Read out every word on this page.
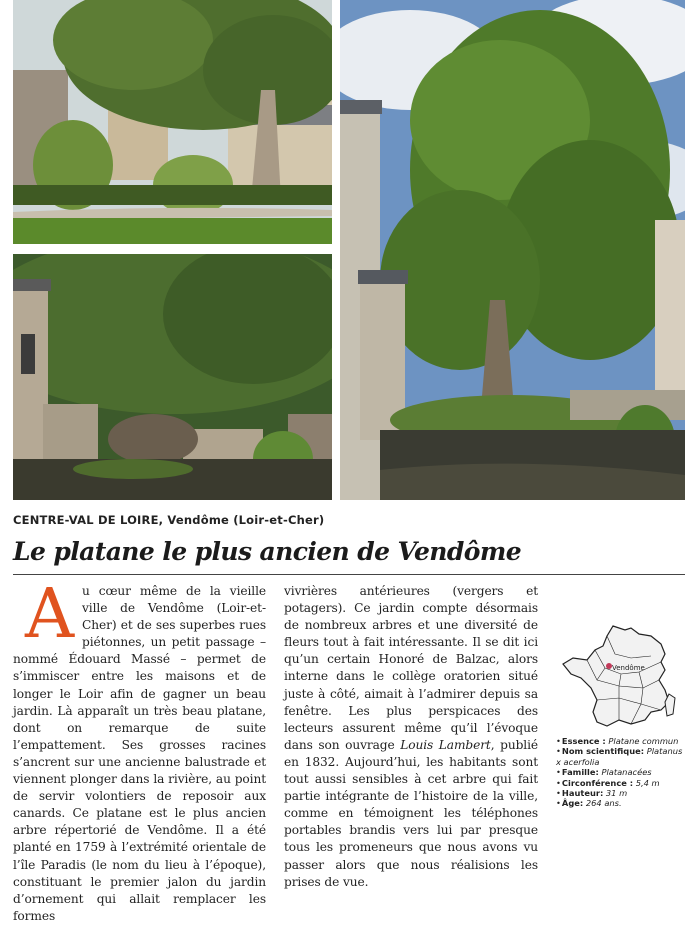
CENTRE-VAL DE LOIRE, Vendôme (Loir-et-Cher)
Le platane le plus ancien de Vendôme

Au cœur même de la vieille ville de Vendôme (Loir-et-Cher) et de ses superbes rues piétonnes, un petit passage – nommé Édouard Massé – permet de s’immiscer entre les maisons et de longer le Loir afin de gagner un beau jardin. Là apparaît un très beau platane, dont on remarque de suite l’empattement. Ses grosses racines s’ancrent sur une ancienne balustrade et viennent plonger dans la rivière, au point de servir volontiers de reposoir aux canards. Ce platane est le plus ancien arbre répertorié de Vendôme. Il a été planté en 1759 à l’extrémité orientale de l’île Paradis (le nom du lieu à l’époque), constituant le premier jalon du jardin d’ornement qui allait remplacer les formes

vivrières antérieures (vergers et potagers). Ce jardin compte désormais de nombreux arbres et une diversité de fleurs tout à fait intéressante. Il se dit ici qu’un certain Honoré de Balzac, alors interne dans le collège oratorien situé juste à côté, aimait à l’admirer depuis sa fenêtre. Les plus perspicaces des lecteurs assurent même qu’il l’évoque dans son ouvrage Louis Lambert, publié en 1832. Aujourd’hui, les habitants sont tout aussi sensibles à cet arbre qui fait partie intégrante de l’histoire de la ville, comme en témoignent les téléphones portables brandis vers lui par presque tous les promeneurs que nous avons vu passer alors que nous réalisions les prises de vue.

Vendôme
•Essence : Platane commun
•Nom scientifique: Platanus x acerfolia
•Famille: Platanacées
•Circonférence : 5,4 m
•Hauteur: 31 m
•Âge: 264 ans.
